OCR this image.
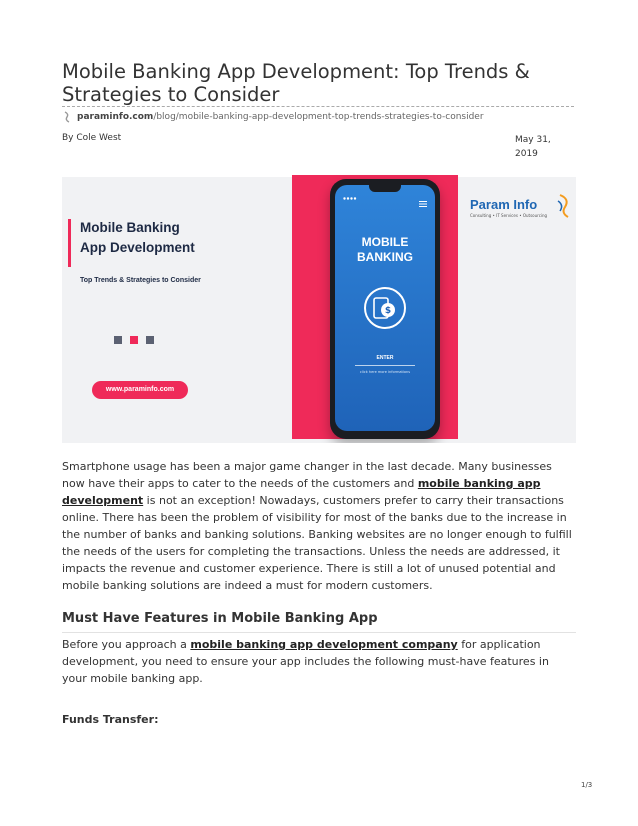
Mobile Banking App Development: Top Trends & Strategies to Consider
paraminfo.com /blog/mobile-banking-app-development-top-trends-strategies-to-consider
By Cole West	May 31, 2019
Mobile Banking
App Development
Top Trends & Strategies to Consider
www.paraminfo.com
MOBILE
BANKING
$
ENTER
click here more informations
Param Info
Consulting • IT Services • Outsourcing

Smartphone usage has been a major game changer in the last decade. Many businesses now have their apps to cater to the needs of the customers and mobile banking app development is not an exception! Nowadays, customers prefer to carry their transactions online. There has been the problem of visibility for most of the banks due to the increase in the number of banks and banking solutions. Banking websites are no longer enough to fulfill the needs of the users for completing the transactions. Unless the needs are addressed, it impacts the revenue and customer experience. There is still a lot of unused potential and mobile banking solutions are indeed a must for modern customers.

Must Have Features in Mobile Banking App

Before you approach a mobile banking app development company for application development, you need to ensure your app includes the following must-have features in your mobile banking app.

Funds Transfer:
1/3
